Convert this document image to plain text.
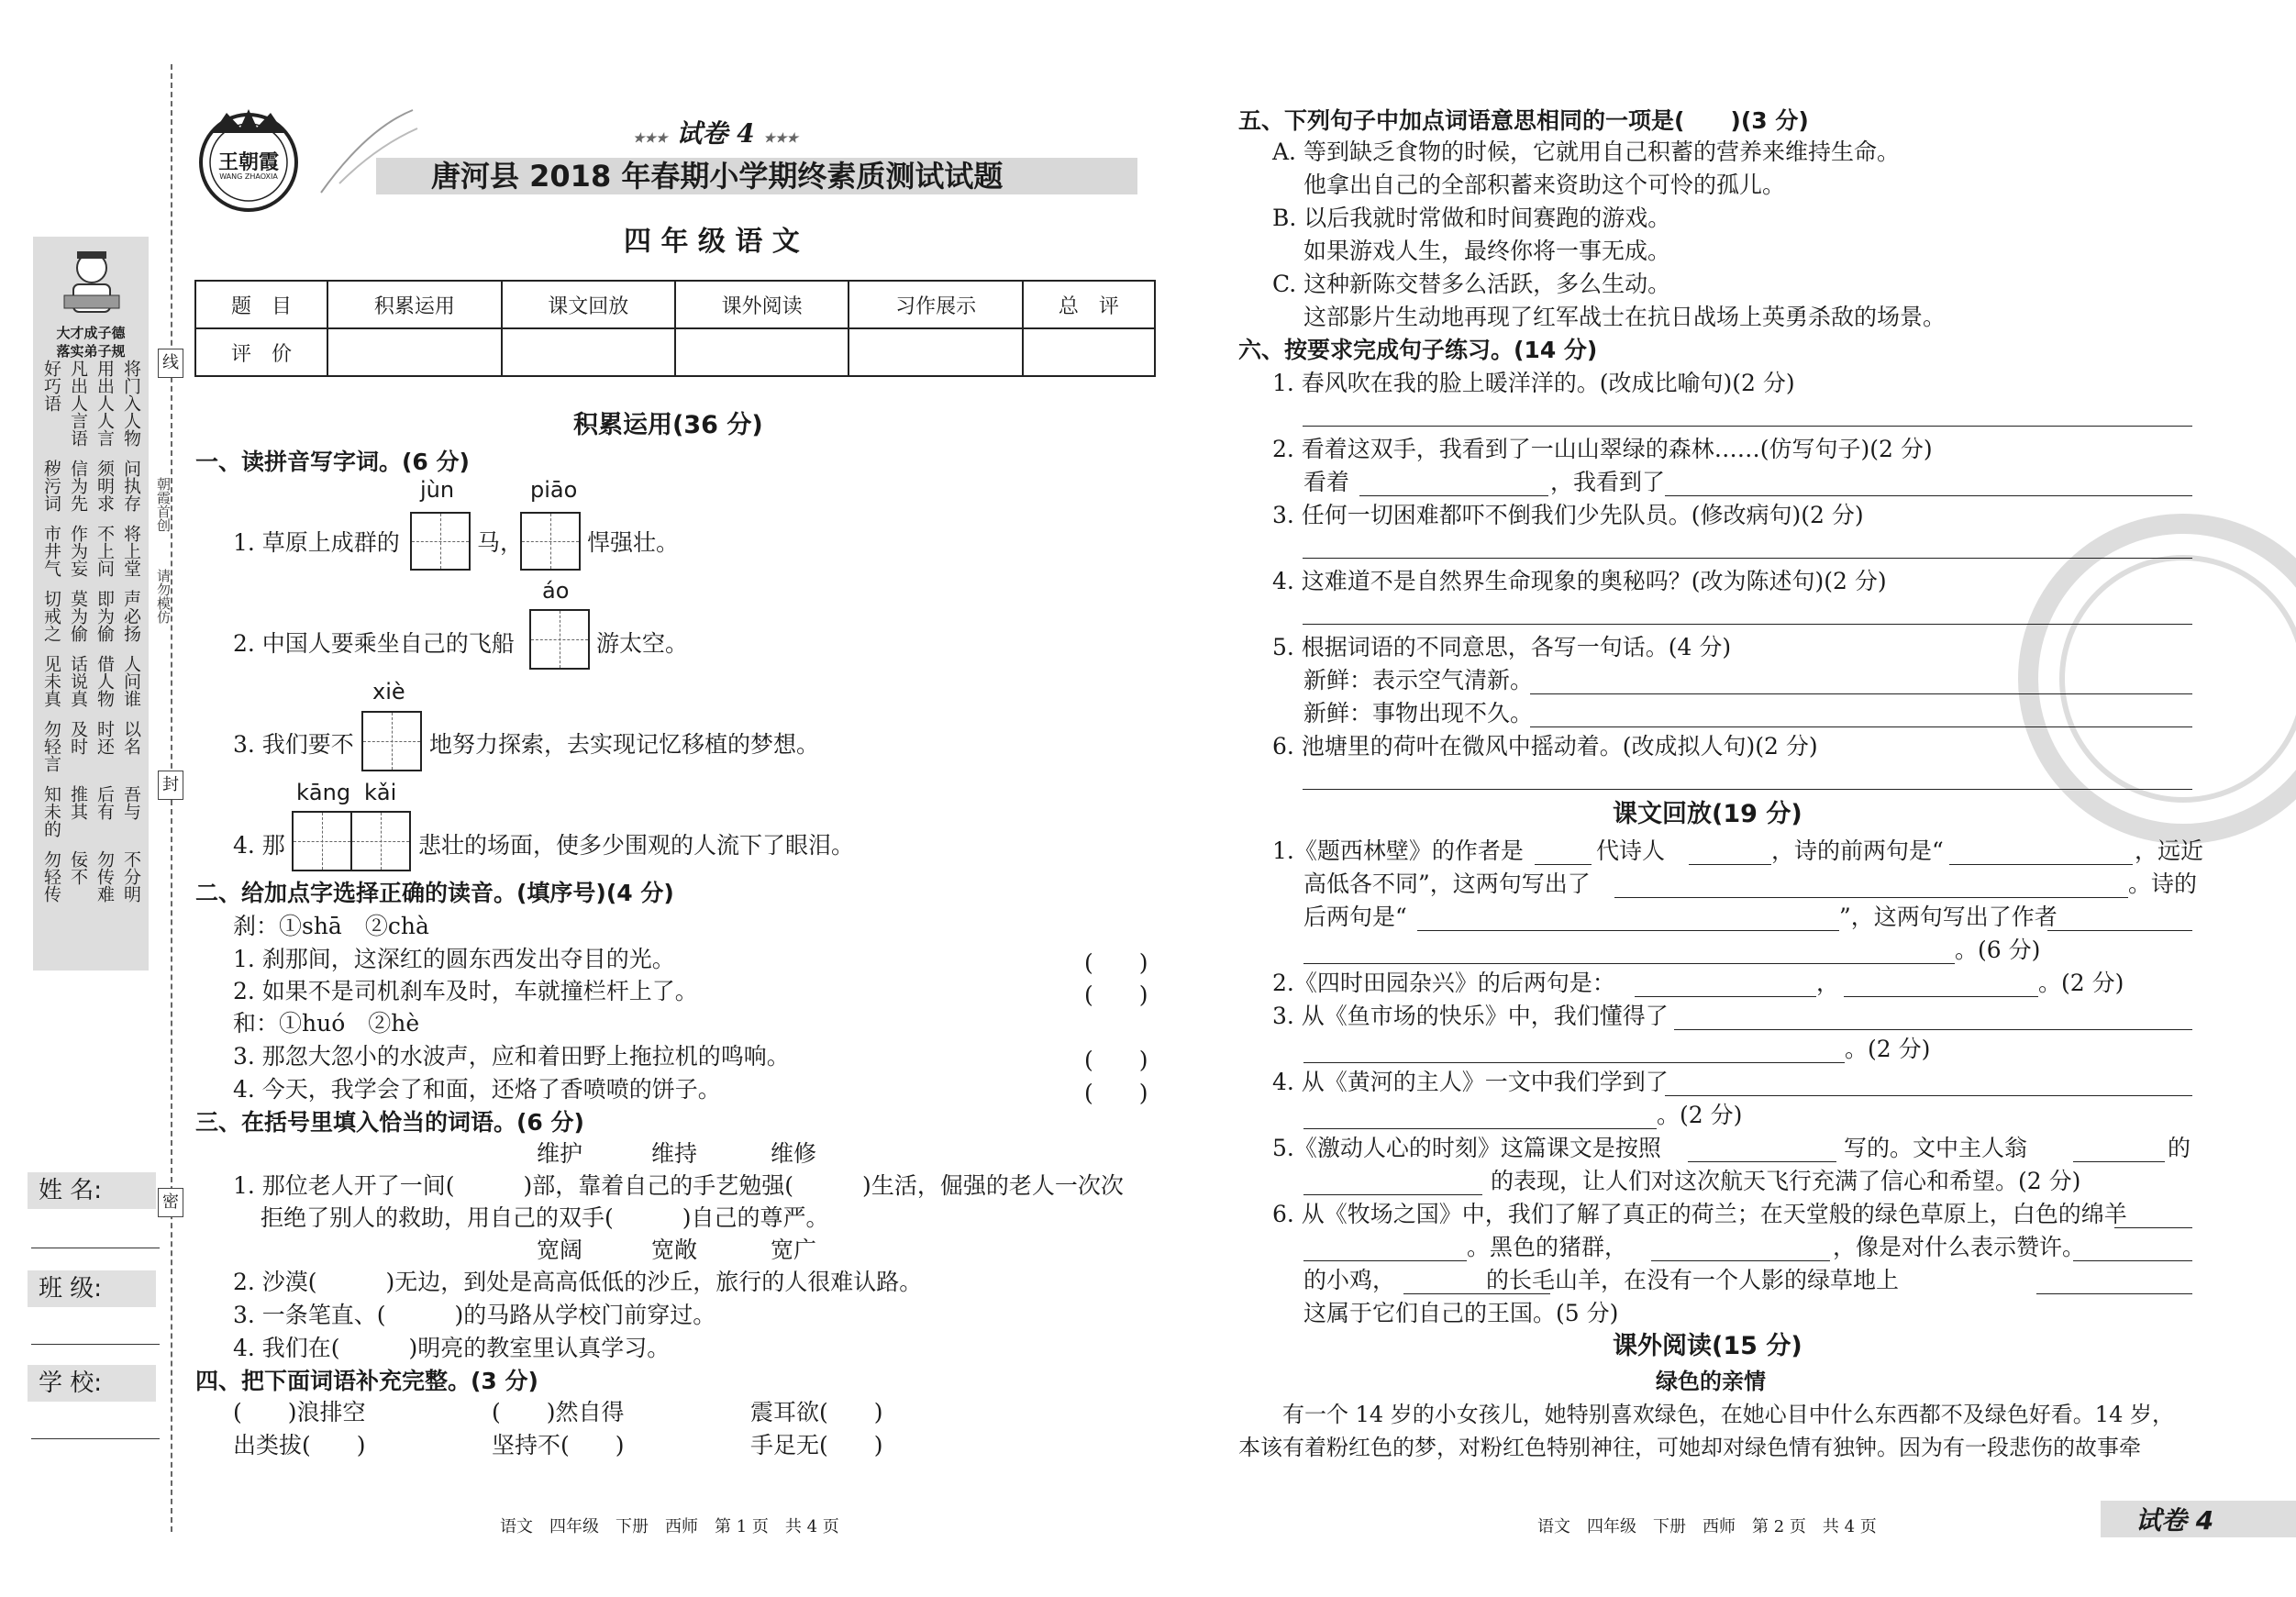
线
封
密
朝霞首创
请勿模仿
大才成子德
落实弟子规
好巧语 凡出人言语 用出人人言 将门入人物
秽污词 信为先 须明求 问执存
市井气 作为妄 不上问 将上堂
切戒之 莫为偷 即为偷 声必扬
见未真 话说真 借人物 人问谁
勿轻言 及时 时还 以名
知未的 推其 后有 吾与
勿轻传 佞不 勿传难 不分明
姓 名:
班 级:
学 校:
王朝霞
WANG ZHAOXIA
★★★ 试卷 4 ★★★
唐河县 2018 年春期小学期终素质测试试题
四 年 级 语 文
题　目	积累运用	课文回放	课外阅读	习作展示	总　评
评　价					
积累运用(36 分)
一、读拼音写字词。(6 分)
jùn	piāo
1. 草原上成群的	马，	悍强壮。
áo
2. 中国人要乘坐自己的飞船	游太空。
xiè
3. 我们要不	地努力探索，去实现记忆移植的梦想。
kāng kǎi
4. 那	悲壮的场面，使多少围观的人流下了眼泪。
二、给加点字选择正确的读音。(填序号)(4 分)
刹：①shā　②chà
1. 刹那间，这深红的圆东西发出夺目的光。	(　　)
2. 如果不是司机刹车及时，车就撞栏杆上了。	(　　)
和：①huó　②hè
3. 那忽大忽小的水波声，应和着田野上拖拉机的鸣响。	(　　)
4. 今天，我学会了和面，还烙了香喷喷的饼子。	(　　)
三、在括号里填入恰当的词语。(6 分)
维护	维持	维修
1. 那位老人开了一间(　　　)部，靠着自己的手艺勉强(　　　)生活，倔强的老人一次次
拒绝了别人的救助，用自己的双手(　　　)自己的尊严。
宽阔	宽敞	宽广
2. 沙漠(　　　)无边，到处是高高低低的沙丘，旅行的人很难认路。
3. 一条笔直、(　　　)的马路从学校门前穿过。
4. 我们在(　　　)明亮的教室里认真学习。
四、把下面词语补充完整。(3 分)
(　　)浪排空	(　　)然自得	震耳欲(　　)
出类拔(　　)	坚持不(　　)	手足无(　　)
语文　四年级　下册　西师　第 1 页　共 4 页
五、下列句子中加点词语意思相同的一项是(　　)(3 分)
A. 等到缺乏食物的时候，它就用自己积蓄的营养来维持生命。
他拿出自己的全部积蓄来资助这个可怜的孤儿。
B. 以后我就时常做和时间赛跑的游戏。
如果游戏人生，最终你将一事无成。
C. 这种新陈交替多么活跃，多么生动。
这部影片生动地再现了红军战士在抗日战场上英勇杀敌的场景。
六、按要求完成句子练习。(14 分)
1. 春风吹在我的脸上暖洋洋的。(改成比喻句)(2 分)
2. 看着这双手，我看到了一山山翠绿的森林……(仿写句子)(2 分)
看着	，我看到了
3. 任何一切困难都吓不倒我们少先队员。(修改病句)(2 分)
4. 这难道不是自然界生命现象的奥秘吗？(改为陈述句)(2 分)
5. 根据词语的不同意思，各写一句话。(4 分)
新鲜：表示空气清新。
新鲜：事物出现不久。
6. 池塘里的荷叶在微风中摇动着。(改成拟人句)(2 分)
课文回放(19 分)
1.《题西林壁》的作者是	代诗人	，诗的前两句是“	，远近
高低各不同”，这两句写出了	。诗的
后两句是“	”，这两句写出了作者
。(6 分)
2.《四时田园杂兴》的后两句是：	，	。(2 分)
3. 从《鱼市场的快乐》中，我们懂得了
。(2 分)
4. 从《黄河的主人》一文中我们学到了
。(2 分)
5.《激动人心的时刻》这篇课文是按照	写的。文中主人翁	的
的表现，让人们对这次航天飞行充满了信心和希望。(2 分)
6. 从《牧场之国》中，我们了解了真正的荷兰；在天堂般的绿色草原上，白色的绵羊
。黑色的猪群，	，像是对什么表示赞许。
的小鸡，	的长毛山羊，在没有一个人影的绿草地上
这属于它们自己的王国。(5 分)
课外阅读(15 分)
绿色的亲情
有一个 14 岁的小女孩儿，她特别喜欢绿色，在她心目中什么东西都不及绿色好看。14 岁，
本该有着粉红色的梦，对粉红色特别神往，可她却对绿色情有独钟。因为有一段悲伤的故事牵
语文　四年级　下册　西师　第 2 页　共 4 页	试卷 4
